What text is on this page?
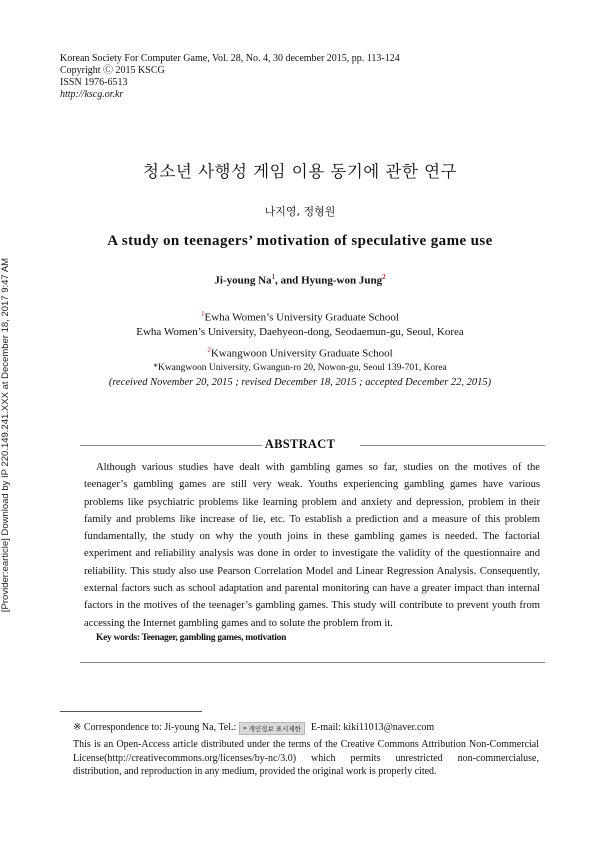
[Provider:earticle] Download by IP 220.149.241.XXX at December 18, 2017 9:47 AM
Korean Society For Computer Game, Vol. 28, No. 4, 30 december 2015, pp. 113-124
Copyright Ⓒ 2015 KSCG
ISSN 1976-6513
http://kscg.or.kr
청소년 사행성 게임 이용 동기에 관한 연구
나지영, 정형원
A study on teenagers’ motivation of speculative game use
Ji-young Na$^1$, and Hyung-won Jung$^2$
$^1$Ewha Women’s University Graduate School
Ewha Women’s University, Daehyeon-dong, Seodaemun-gu, Seoul, Korea
$^2$Kwangwoon University Graduate School
*Kwangwoon University, Gwangun-ro 20, Nowon-gu, Seoul 139-701, Korea
(received November 20, 2015 ; revised December 18, 2015 ; accepted December 22, 2015)
ABSTRACT
Although various studies have dealt with gambling games so far, studies on the motives of the teenager’s gambling games are still very weak. Youths experiencing gambling games have various problems like psychiatric problems like learning problem and anxiety and depression, problem in their family and problems like increase of lie, etc. To establish a prediction and a measure of this problem fundamentally, the study on why the youth joins in these gambling games is needed. The factorial experiment and reliability analysis was done in order to investigate the validity of the questionnaire and reliability. This study also use Pearson Correlation Model and Linear Regression Analysis. Consequently, external factors such as school adaptation and parental monitoring can have a greater impact than internal factors in the motives of the teenager’s gambling games. This study will contribute to prevent youth from accessing the Internet gambling games and to solute the problem from it.
Key words: Teenager, gambling games, motivation
※ Correspondence to: Ji-young Na, Tel.: * 개인정보 표시제한 E-mail: kiki11013@naver.com
This is an Open-Access article distributed under the terms of the Creative Commons Attribution Non-Commercial License(http://creativecommons.org/licenses/by-nc/3.0) which permits unrestricted non-commercialuse, distribution, and reproduction in any medium, provided the original work is properly cited.
